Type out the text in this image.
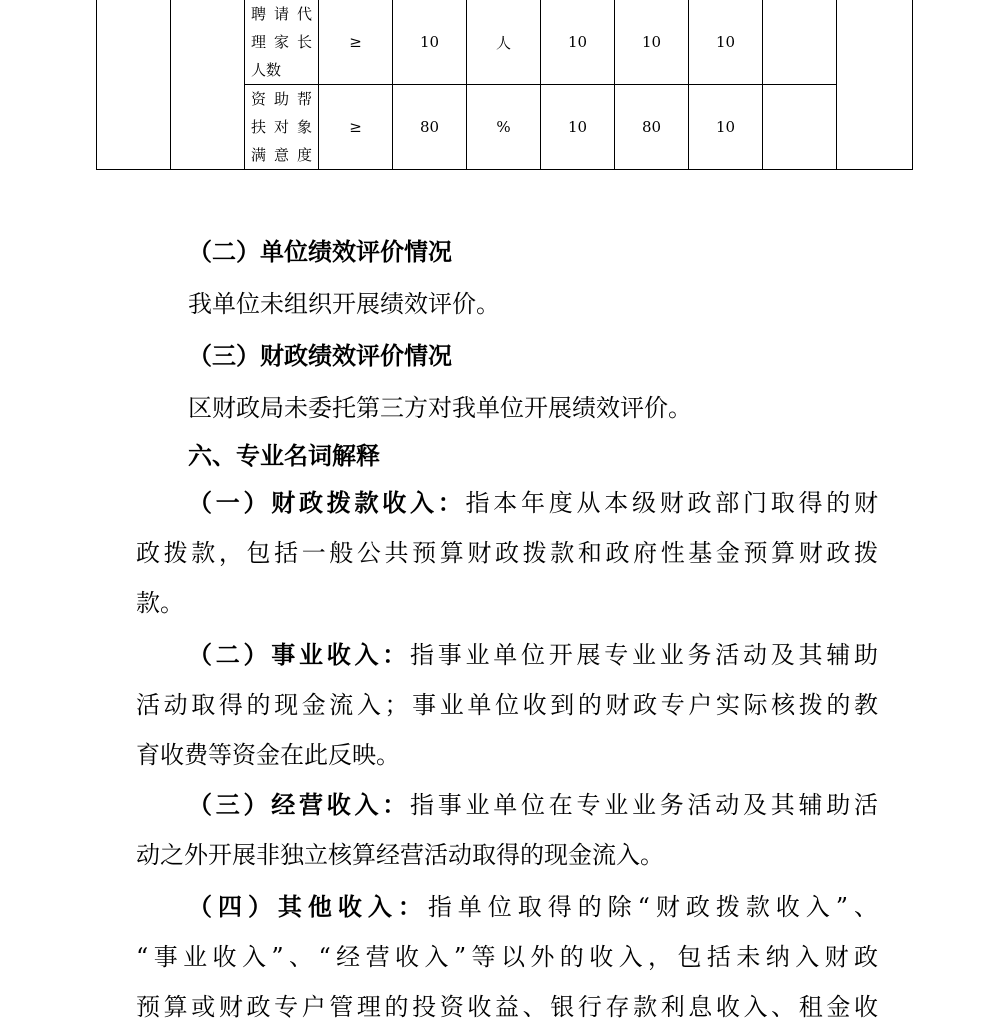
		聘请代
理家长
人数	≥	10	人	10	10	10		

		资助帮
扶对象
满意度	≥	80	%	10	80	10		

（二）单位绩效评价情况

我单位未组织开展绩效评价。

（三）财政绩效评价情况

区财政局未委托第三方对我单位开展绩效评价。

六、专业名词解释

（一）财政拨款收入：指本年度从本级财政部门取得的财
政拨款，包括一般公共预算财政拨款和政府性基金预算财政拨
款。
（二）事业收入：指事业单位开展专业业务活动及其辅助
活动取得的现金流入；事业单位收到的财政专户实际核拨的教
育收费等资金在此反映。
（三）经营收入：指事业单位在专业业务活动及其辅助活
动之外开展非独立核算经营活动取得的现金流入。
（四）其他收入：指单位取得的除“财政拨款收入”、
“事业收入”、“经营收入”等以外的收入，包括未纳入财政
预算或财政专户管理的投资收益、银行存款利息收入、租金收
